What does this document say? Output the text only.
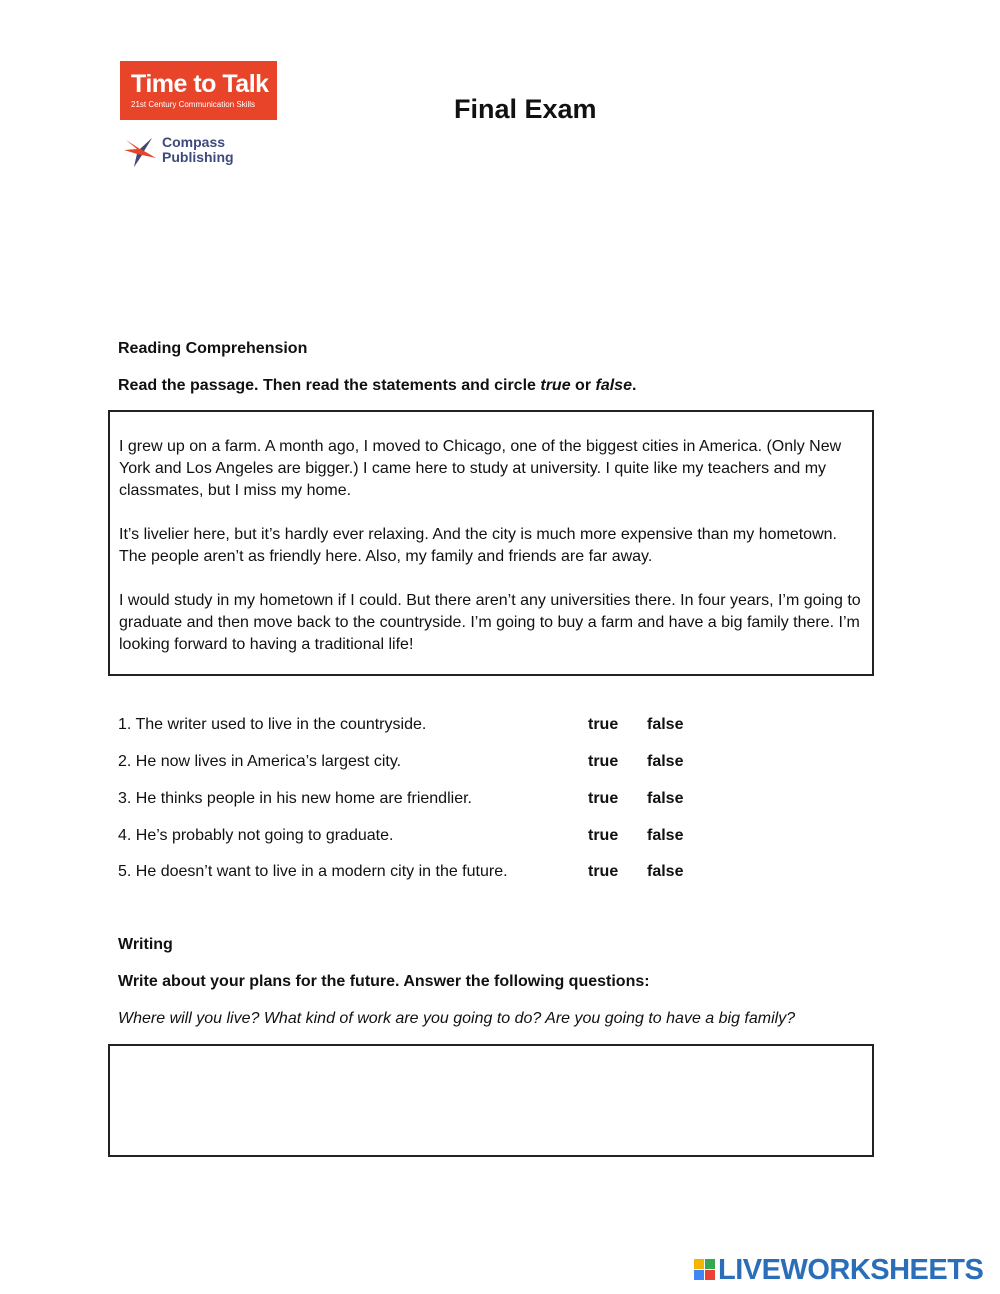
Time to Talk
21st Century Communication Skills
Compass
Publishing
Final Exam
Reading Comprehension
Read the passage. Then read the statements and circle true or false.

I grew up on a farm. A month ago, I moved to Chicago, one of the biggest cities in America. (Only New York and Los Angeles are bigger.) I came here to study at university. I quite like my teachers and my classmates, but I miss my home.

It’s livelier here, but it’s hardly ever relaxing. And the city is much more expensive than my hometown. The people aren’t as friendly here. Also, my family and friends are far away.

I would study in my hometown if I could. But there aren’t any universities there. In four years, I’m going to graduate and then move back to the countryside. I’m going to buy a farm and have a big family there. I’m looking forward to having a traditional life!

1. The writer used to live in the countryside.	true false
2. He now lives in America’s largest city.	true false
3. He thinks people in his new home are friendlier.	true false
4. He’s probably not going to graduate.	true false
5. He doesn’t want to live in a modern city in the future.	true false
Writing
Write about your plans for the future. Answer the following questions:
Where will you live? What kind of work are you going to do? Are you going to have a big family?
LIVEWORKSHEETS
